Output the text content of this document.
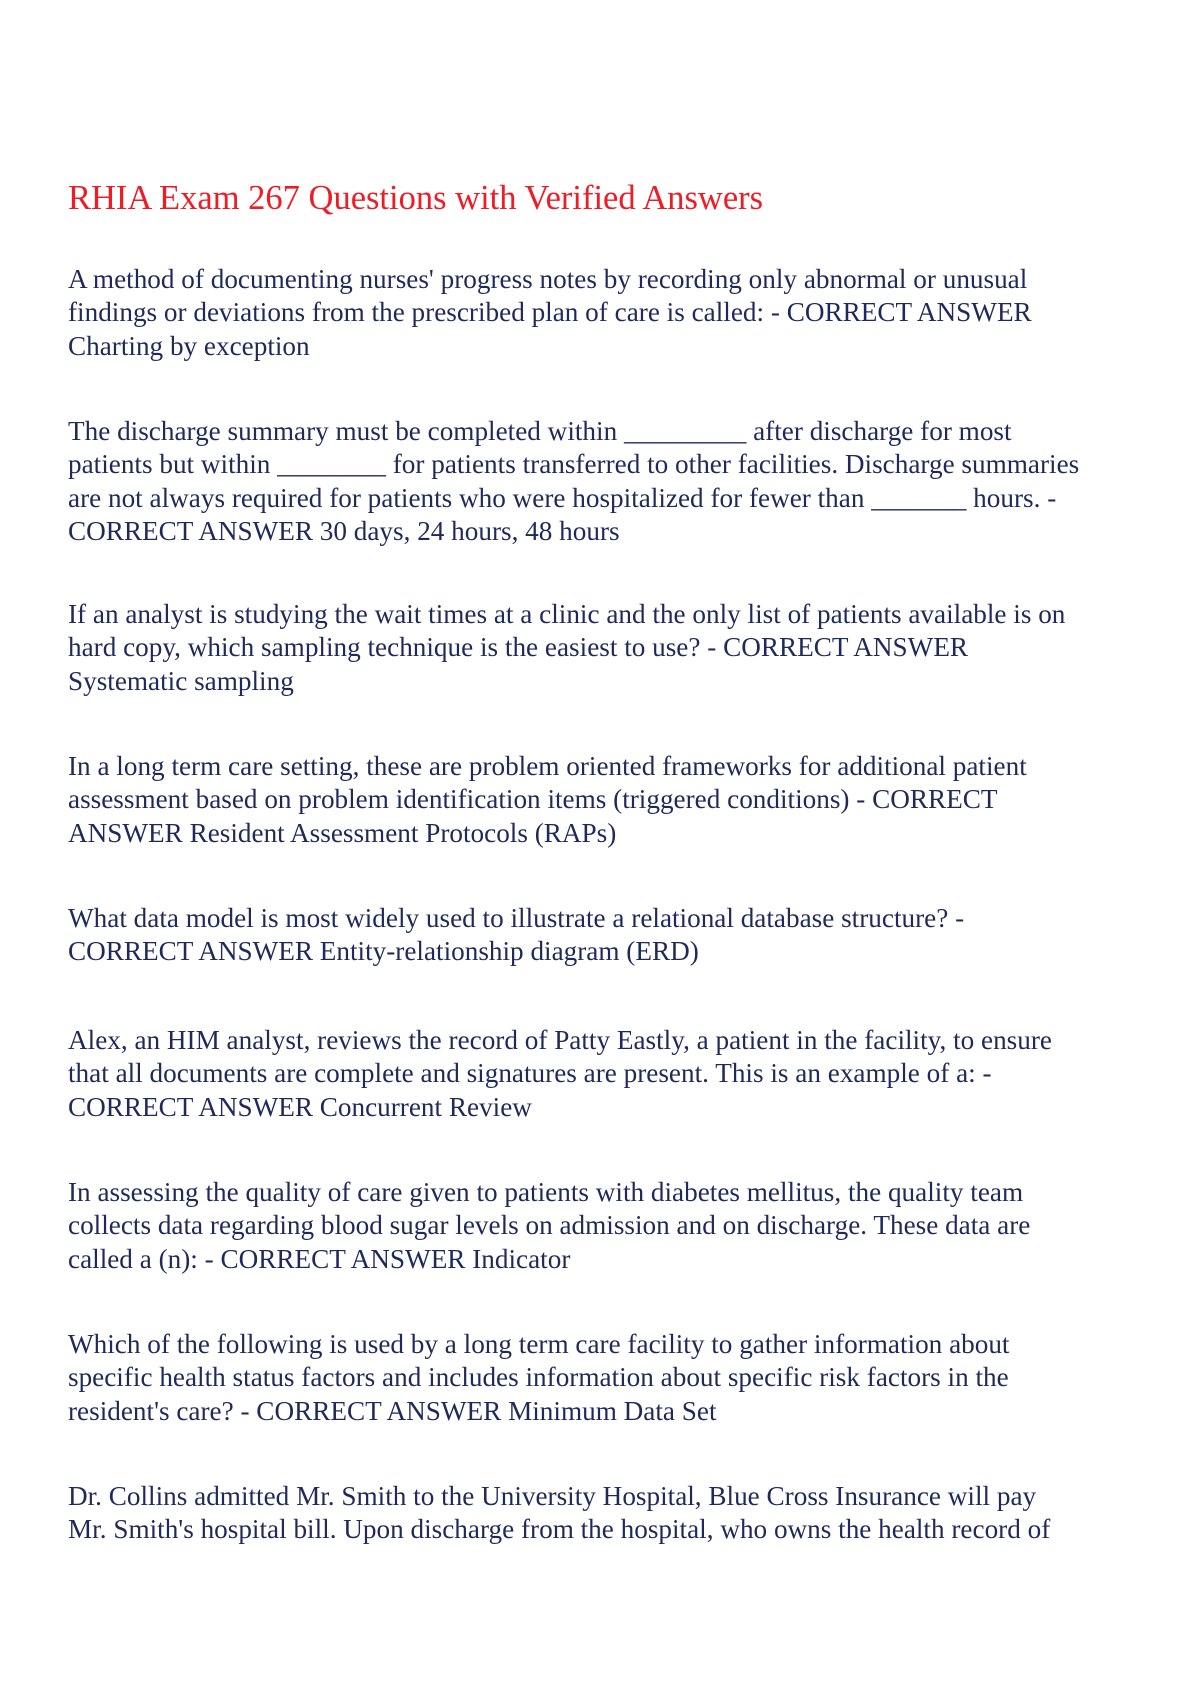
RHIA Exam 267 Questions with Verified Answers

A method of documenting nurses' progress notes by recording only abnormal or unusual
findings or deviations from the prescribed plan of care is called: - CORRECT ANSWER
Charting by exception

The discharge summary must be completed within _________ after discharge for most
patients but within ________ for patients transferred to other facilities. Discharge summaries
are not always required for patients who were hospitalized for fewer than _______ hours. -
CORRECT ANSWER 30 days, 24 hours, 48 hours

If an analyst is studying the wait times at a clinic and the only list of patients available is on
hard copy, which sampling technique is the easiest to use? - CORRECT ANSWER
Systematic sampling

In a long term care setting, these are problem oriented frameworks for additional patient
assessment based on problem identification items (triggered conditions) - CORRECT
ANSWER Resident Assessment Protocols (RAPs)

What data model is most widely used to illustrate a relational database structure? -
CORRECT ANSWER Entity-relationship diagram (ERD)

Alex, an HIM analyst, reviews the record of Patty Eastly, a patient in the facility, to ensure
that all documents are complete and signatures are present. This is an example of a: -
CORRECT ANSWER Concurrent Review

In assessing the quality of care given to patients with diabetes mellitus, the quality team
collects data regarding blood sugar levels on admission and on discharge. These data are
called a (n): - CORRECT ANSWER Indicator

Which of the following is used by a long term care facility to gather information about
specific health status factors and includes information about specific risk factors in the
resident's care? - CORRECT ANSWER Minimum Data Set

Dr. Collins admitted Mr. Smith to the University Hospital, Blue Cross Insurance will pay
Mr. Smith's hospital bill. Upon discharge from the hospital, who owns the health record of
